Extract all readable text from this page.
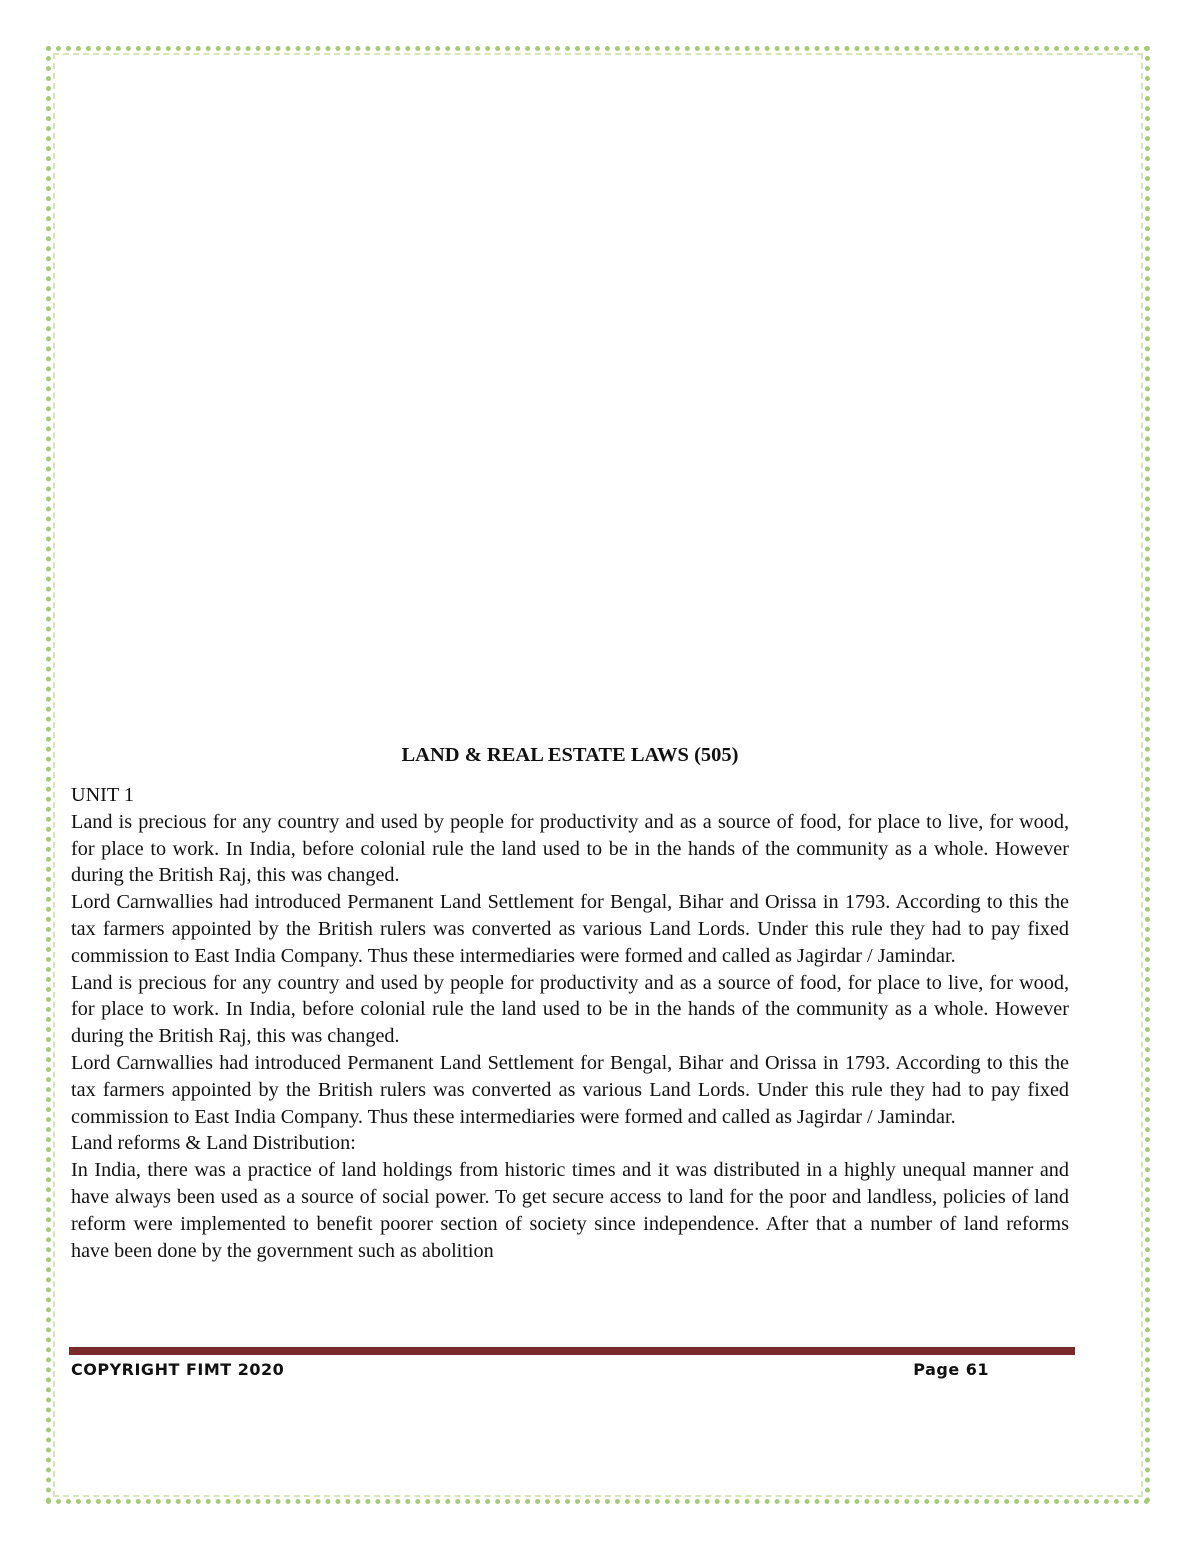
LAND & REAL ESTATE LAWS (505)

UNIT 1

Land is precious for any country and used by people for productivity and as a source of food, for place to live, for wood, for place to work. In India, before colonial rule the land used to be in the hands of the community as a whole. However during the British Raj, this was changed.

Lord Carnwallies had introduced Permanent Land Settlement for Bengal, Bihar and Orissa in 1793. According to this the tax farmers appointed by the British rulers was converted as various Land Lords. Under this rule they had to pay fixed commission to East India Company. Thus these intermediaries were formed and called as Jagirdar / Jamindar.

Land is precious for any country and used by people for productivity and as a source of food, for place to live, for wood, for place to work. In India, before colonial rule the land used to be in the hands of the community as a whole. However during the British Raj, this was changed.

Lord Carnwallies had introduced Permanent Land Settlement for Bengal, Bihar and Orissa in 1793. According to this the tax farmers appointed by the British rulers was converted as various Land Lords. Under this rule they had to pay fixed commission to East India Company. Thus these intermediaries were formed and called as Jagirdar / Jamindar.

Land reforms & Land Distribution:

In India, there was a practice of land holdings from historic times and it was distributed in a highly unequal manner and have always been used as a source of social power. To get secure access to land for the poor and landless, policies of land reform were implemented to benefit poorer section of society since independence. After that a number of land reforms have been done by the government such as abolition

COPYRIGHT FIMT 2020	Page 61
